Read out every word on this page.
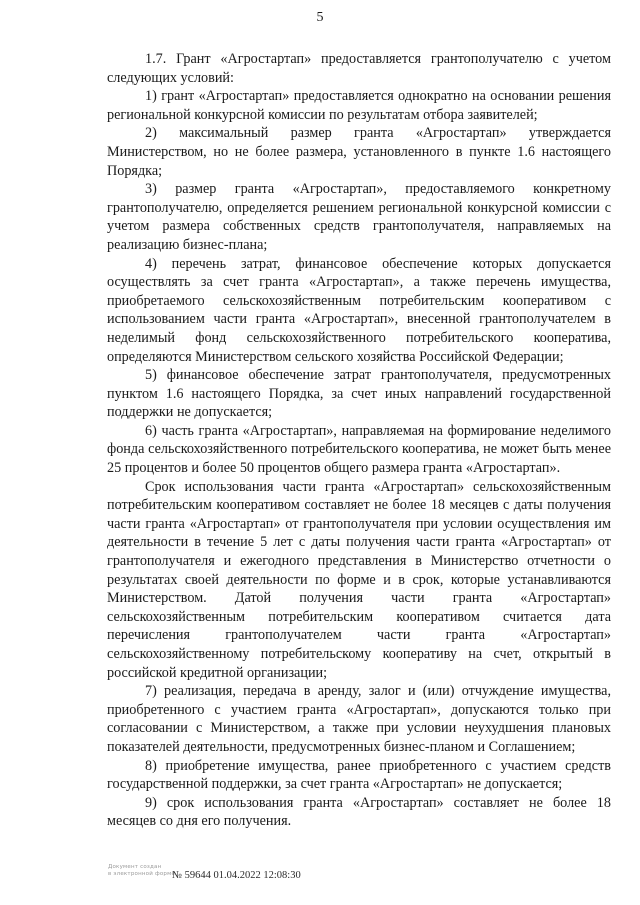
5

1.7. Грант «Агростартап» предоставляется грантополучателю с учетом следующих условий:

1) грант «Агростартап» предоставляется однократно на основании решения региональной конкурсной комиссии по результатам отбора заявителей;

2) максимальный размер гранта «Агростартап» утверждается Министерством, но не более размера, установленного в пункте 1.6 настоящего Порядка;

3) размер гранта «Агростартап», предоставляемого конкретному грантополучателю, определяется решением региональной конкурсной комиссии с учетом размера собственных средств грантополучателя, направляемых на реализацию бизнес-плана;

4) перечень затрат, финансовое обеспечение которых допускается осуществлять за счет гранта «Агростартап», а также перечень имущества, приобретаемого сельскохозяйственным потребительским кооперативом с использованием части гранта «Агростартап», внесенной грантополучателем в неделимый фонд сельскохозяйственного потребительского кооператива, определяются Министерством сельского хозяйства Российской Федерации;

5) финансовое обеспечение затрат грантополучателя, предусмотренных пунктом 1.6 настоящего Порядка, за счет иных направлений государственной поддержки не допускается;

6) часть гранта «Агростартап», направляемая на формирование неделимого фонда сельскохозяйственного потребительского кооператива, не может быть менее 25 процентов и более 50 процентов общего размера гранта «Агростартап».

Срок использования части гранта «Агростартап» сельскохозяйственным потребительским кооперативом составляет не более 18 месяцев с даты получения части гранта «Агростартап» от грантополучателя при условии осуществления им деятельности в течение 5 лет с даты получения части гранта «Агростартап» от грантополучателя и ежегодного представления в Министерство отчетности о результатах своей деятельности по форме и в срок, которые устанавливаются Министерством. Датой получения части гранта «Агростартап» сельскохозяйственным потребительским кооперативом считается дата перечисления грантополучателем части гранта «Агростартап» сельскохозяйственному потребительскому кооперативу на счет, открытый в российской кредитной организации;

7) реализация, передача в аренду, залог и (или) отчуждение имущества, приобретенного с участием гранта «Агростартап», допускаются только при согласовании с Министерством, а также при условии неухудшения плановых показателей деятельности, предусмотренных бизнес-планом и Соглашением;

8) приобретение имущества, ранее приобретенного с участием средств государственной поддержки, за счет гранта «Агростартап» не допускается;

9) срок использования гранта «Агростартап» составляет не более 18 месяцев со дня его получения.

Документ создан
в электронной форме
№ 59644 01.04.2022 12:08:30
